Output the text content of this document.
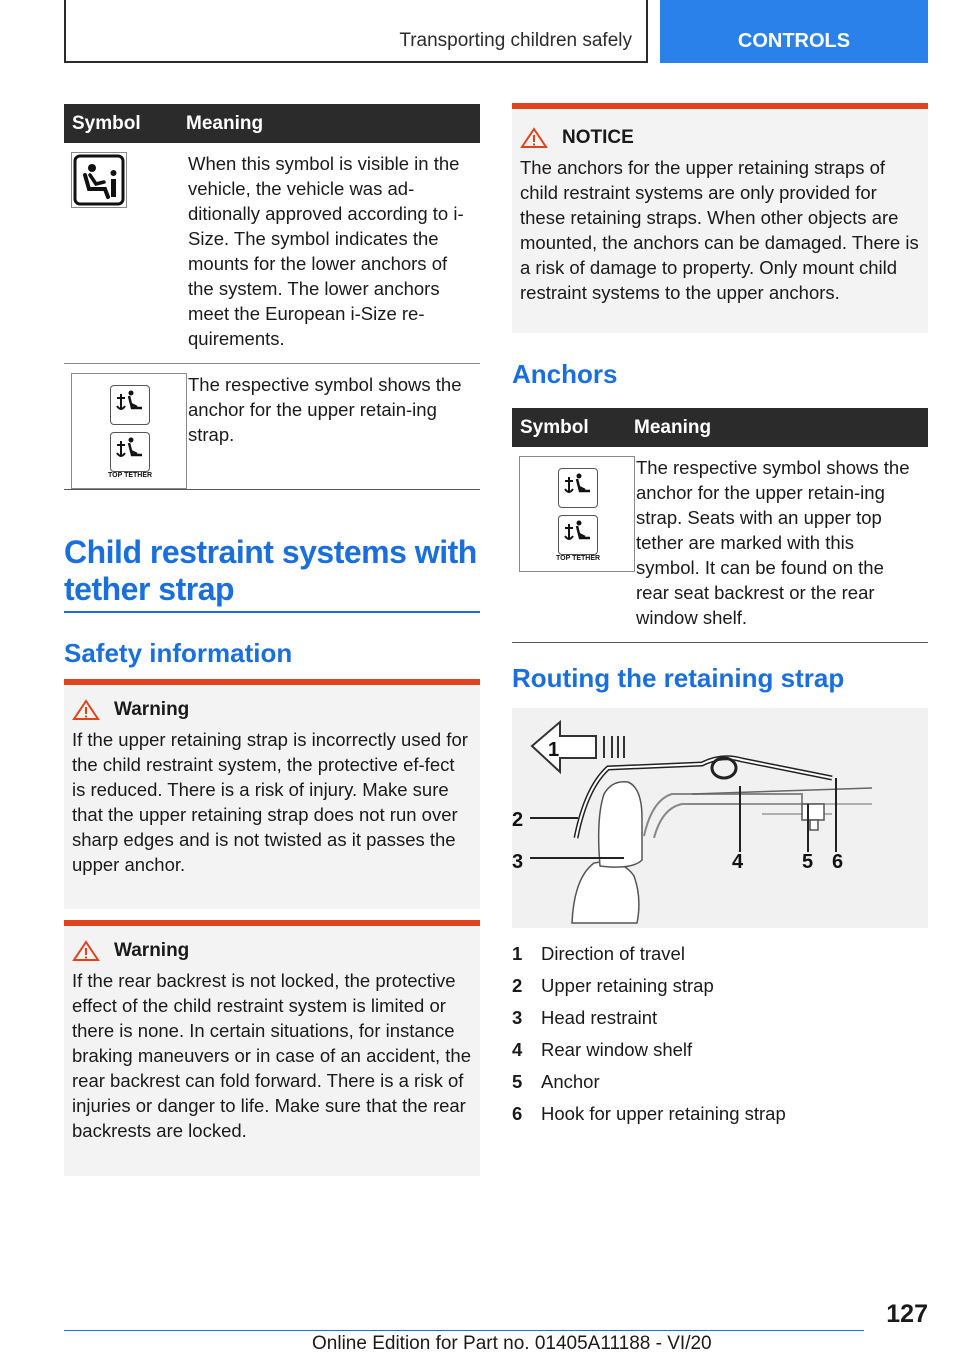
Transporting children safely	CONTROLS
Symbol	Meaning
When this symbol is visible in the vehicle, the vehicle was ad‐ditionally approved according to i-Size. The symbol indicates the mounts for the lower anchors of the system. The lower anchors meet the European i-Size re‐quirements.
TOP TETHER
The respective symbol shows the anchor for the upper retain‐ing strap.
Child restraint systems with tether strap
Safety information
Warning
If the upper retaining strap is incorrectly used for the child restraint system, the protective ef‐fect is reduced. There is a risk of injury. Make sure that the upper retaining strap does not run over sharp edges and is not twisted as it passes the upper anchor.
Warning
If the rear backrest is not locked, the protective effect of the child restraint system is limited or there is none. In certain situations, for instance braking maneuvers or in case of an accident, the rear backrest can fold forward. There is a risk of injuries or danger to life. Make sure that the rear backrests are locked.
NOTICE
The anchors for the upper retaining straps of child restraint systems are only provided for these retaining straps. When other objects are mounted, the anchors can be damaged. There is a risk of damage to property. Only mount child restraint systems to the upper anchors.
Anchors
Symbol	Meaning
TOP TETHER
The respective symbol shows the anchor for the upper retain‐ing strap. Seats with an upper top tether are marked with this symbol. It can be found on the rear seat backrest or the rear window shelf.
Routing the retaining strap
1
2
3	4	5 6
1	Direction of travel
2	Upper retaining strap
3	Head restraint
4	Rear window shelf
5	Anchor
6	Hook for upper retaining strap
127
Online Edition for Part no. 01405A11188 - VI/20
